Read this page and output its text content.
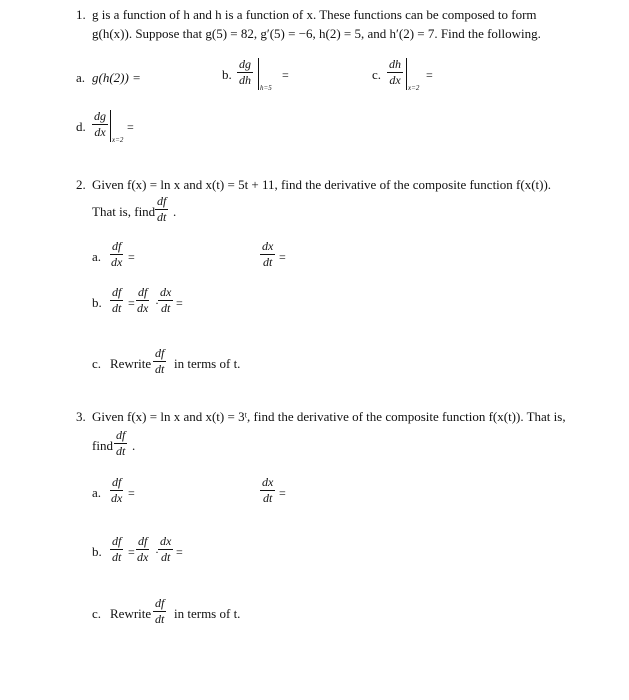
1. g is a function of h and h is a function of x. These functions can be composed to form
g(h(x)). Suppose that g(5) = 82, g′(5) = −6, h(2) = 5, and h′(2) = 7. Find the following.
a. g(h(2)) =	b. $\frac{dg}{dh}$
h=5
=	c. $\frac{dh}{dx}$
x=2
=
d. $\frac{dg}{dx}$
x=2
=
2. Given f(x) = ln x and x(t) = 5t + 11, find the derivative of the composite function f(x(t)).
That is, find $\frac{df}{dt}$ .
a. $\frac{df}{dx}$ =	$\frac{dx}{dt}$ =
b. $\frac{df}{dt} = \frac{df}{dx} \cdot \frac{dx}{dt}$ =
c. Rewrite $\frac{df}{dt}$ in terms of t.
3. Given f(x) = ln x and x(t) = 3ᵗ, find the derivative of the composite function f(x(t)). That is,
find $\frac{df}{dt}$ .
a. $\frac{df}{dx}$ =	$\frac{dx}{dt}$ =
b. $\frac{df}{dt} = \frac{df}{dx} \cdot \frac{dx}{dt}$ =
c. Rewrite $\frac{df}{dt}$ in terms of t.
